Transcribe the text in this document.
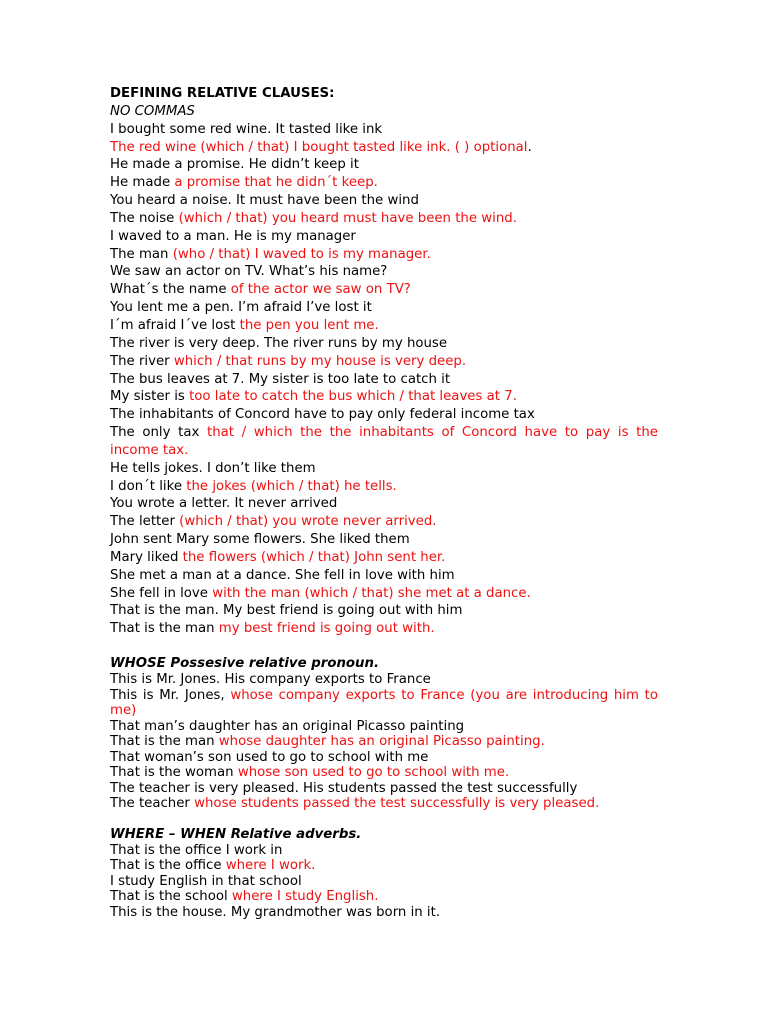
DEFINING RELATIVE CLAUSES:
NO COMMAS
I bought some red wine. It tasted like ink
The red wine (which / that) I bought tasted like ink. ( ) optional.
He made a promise. He didn’t keep it
He made a promise that he didn´t keep.
You heard a noise. It must have been the wind
The noise (which / that) you heard must have been the wind.
I waved to a man. He is my manager
The man (who / that) I waved to is my manager.
We saw an actor on TV. What’s his name?
What´s the name of the actor we saw on TV?
You lent me a pen. I’m afraid I’ve lost it
I´m afraid I´ve lost the pen you lent me.
The river is very deep. The river runs by my house
The river which / that runs by my house is very deep.
The bus leaves at 7. My sister is too late to catch it
My sister is too late to catch the bus which / that leaves at 7.
The inhabitants of Concord have to pay only federal income tax
The only tax that / which the the inhabitants of Concord have to pay is the income tax.
He tells jokes. I don’t like them
I don´t like the jokes (which / that) he tells.
You wrote a letter. It never arrived
The letter (which / that) you wrote never arrived.
John sent Mary some flowers. She liked them
Mary liked the flowers (which / that) John sent her.
She met a man at a dance. She fell in love with him
She fell in love with the man (which / that) she met at a dance.
That is the man. My best friend is going out with him
That is the man my best friend is going out with.
WHOSE Possesive relative pronoun.
This is Mr. Jones. His company exports to France
This is Mr. Jones, whose company exports to France (you are introducing him to me)
That man’s daughter has an original Picasso painting
That is the man whose daughter has an original Picasso painting.
That woman’s son used to go to school with me
That is the woman whose son used to go to school with me.
The teacher is very pleased. His students passed the test successfully
The teacher whose students passed the test successfully is very pleased.
WHERE – WHEN Relative adverbs.
That is the office I work in
That is the office where I work.
I study English in that school
That is the school where I study English.
This is the house. My grandmother was born in it.
